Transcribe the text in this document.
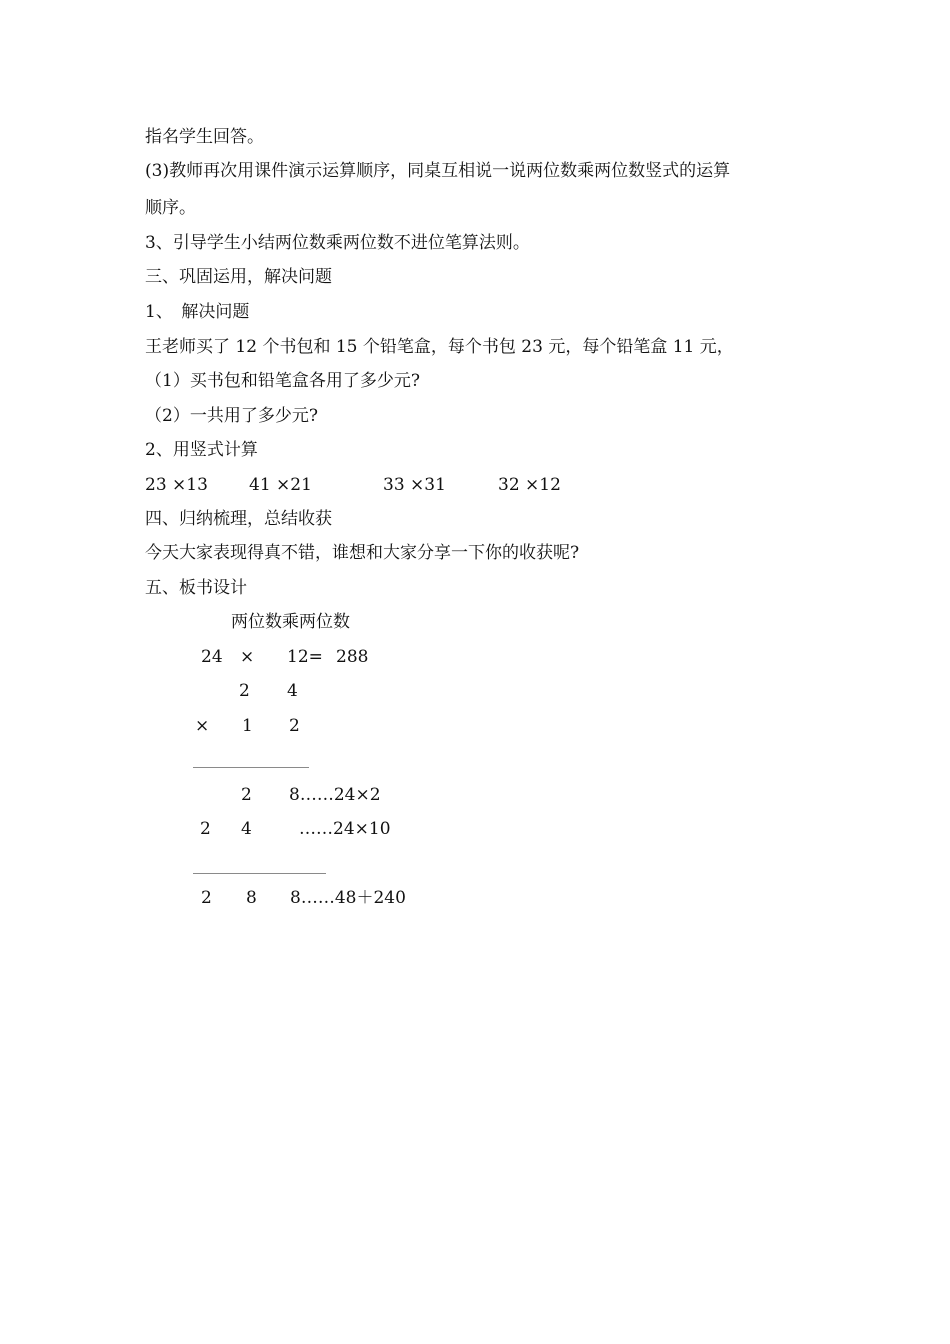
指名学生回答。
(3)教师再次用课件演示运算顺序，同桌互相说一说两位数乘两位数竖式的运算
顺序。
3、引导学生小结两位数乘两位数不进位笔算法则。
三、巩固运用，解决问题
1、　解决问题
王老师买了 12 个书包和 15 个铅笔盒，每个书包 23 元，每个铅笔盒 11 元，
（1）买书包和铅笔盒各用了多少元?
（2）一共用了多少元?
2、用竖式计算
23 ×13 41 ×21	33 ×31	32 ×12
四、归纳梳理，总结收获
今天大家表现得真不错，谁想和大家分享一下你的收获呢?
五、板书设计
两位数乘两位数
24 × 12= 288
2 4
× 1 2
2 8……24×2
2 4	……24×10
2 8 8……48＋240
